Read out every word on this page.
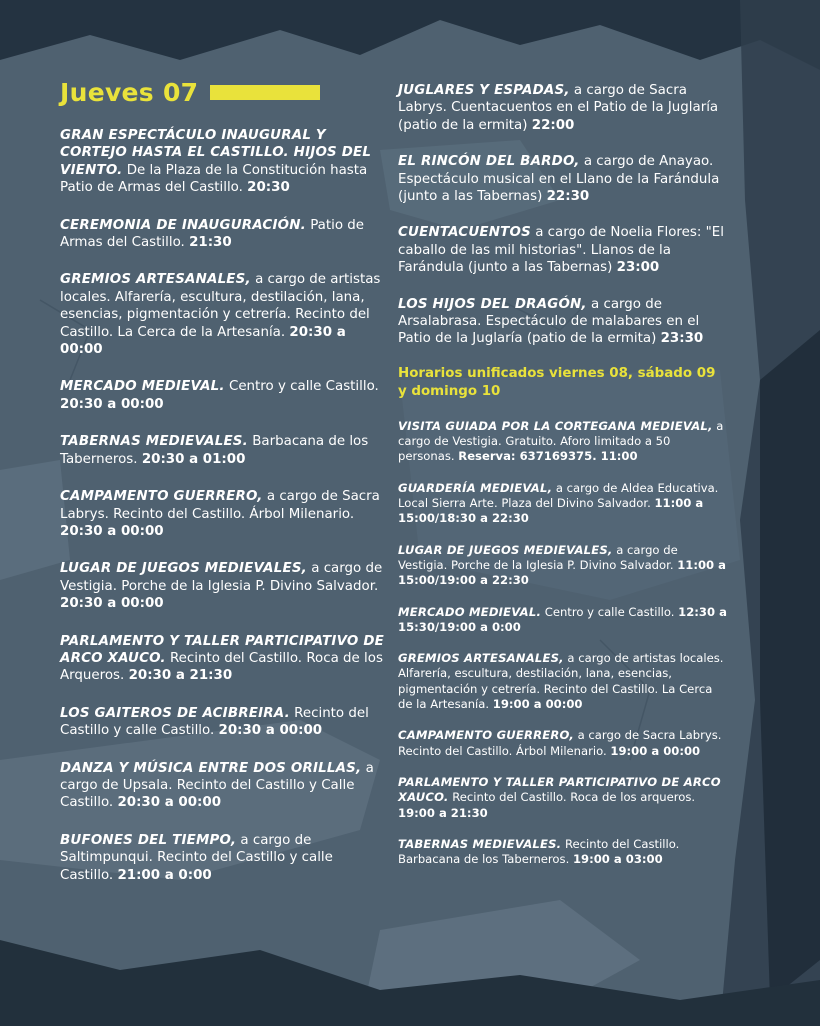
Jueves 07
GRAN ESPECTÁCULO INAUGURAL Y CORTEJO HASTA EL CASTILLO. HIJOS DEL VIENTO. De la Plaza de la Constitución hasta Patio de Armas del Castillo. 20:30
CEREMONIA DE INAUGURACIÓN. Patio de Armas del Castillo. 21:30
GREMIOS ARTESANALES, a cargo de artistas locales. Alfarería, escultura, destilación, lana, esencias, pigmentación y cetrería. Recinto del Castillo. La Cerca de la Artesanía. 20:30 a 00:00
MERCADO MEDIEVAL. Centro y calle Castillo. 20:30 a 00:00
TABERNAS MEDIEVALES. Barbacana de los Taberneros. 20:30 a 01:00
CAMPAMENTO GUERRERO, a cargo de Sacra Labrys. Recinto del Castillo. Árbol Milenario. 20:30 a 00:00
LUGAR DE JUEGOS MEDIEVALES, a cargo de Vestigia. Porche de la Iglesia P. Divino Salvador. 20:30 a 00:00
PARLAMENTO Y TALLER PARTICIPATIVO DE ARCO XAUCO. Recinto del Castillo. Roca de los Arqueros. 20:30 a 21:30
LOS GAITEROS DE ACIBREIRA. Recinto del Castillo y calle Castillo. 20:30 a 00:00
DANZA Y MÚSICA ENTRE DOS ORILLAS, a cargo de Upsala. Recinto del Castillo y Calle Castillo. 20:30 a 00:00
BUFONES DEL TIEMPO, a cargo de Saltimpunqui. Recinto del Castillo y calle Castillo. 21:00 a 0:00
JUGLARES Y ESPADAS, a cargo de Sacra Labrys. Cuentacuentos en el Patio de la Juglaría (patio de la ermita) 22:00
EL RINCÓN DEL BARDO, a cargo de Anayao. Espectáculo musical en el Llano de la Farándula (junto a las Tabernas) 22:30
CUENTACUENTOS a cargo de Noelia Flores: "El caballo de las mil historias". Llanos de la Farándula (junto a las Tabernas) 23:00
LOS HIJOS DEL DRAGÓN, a cargo de Arsalabrasa. Espectáculo de malabares en el Patio de la Juglaría (patio de la ermita) 23:30
Horarios unificados viernes 08, sábado 09 y domingo 10
VISITA GUIADA POR LA CORTEGANA MEDIEVAL, a cargo de Vestigia. Gratuito. Aforo limitado a 50 personas. Reserva: 637169375. 11:00
GUARDERÍA MEDIEVAL, a cargo de Aldea Educativa. Local Sierra Arte. Plaza del Divino Salvador. 11:00 a 15:00/18:30 a 22:30
LUGAR DE JUEGOS MEDIEVALES, a cargo de Vestigia. Porche de la Iglesia P. Divino Salvador. 11:00 a 15:00/19:00 a 22:30
MERCADO MEDIEVAL. Centro y calle Castillo. 12:30 a 15:30/19:00 a 0:00
GREMIOS ARTESANALES, a cargo de artistas locales. Alfarería, escultura, destilación, lana, esencias, pigmentación y cetrería. Recinto del Castillo. La Cerca de la Artesanía. 19:00 a 00:00
CAMPAMENTO GUERRERO, a cargo de Sacra Labrys. Recinto del Castillo. Árbol Milenario. 19:00 a 00:00
PARLAMENTO Y TALLER PARTICIPATIVO DE ARCO XAUCO. Recinto del Castillo. Roca de los arqueros. 19:00 a 21:30
TABERNAS MEDIEVALES. Recinto del Castillo. Barbacana de los Taberneros. 19:00 a 03:00
